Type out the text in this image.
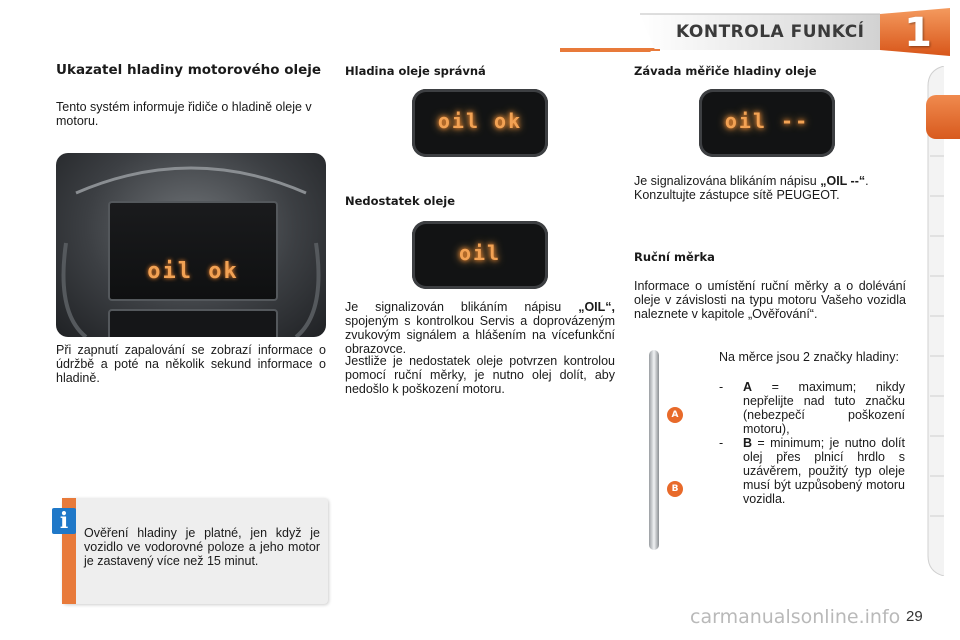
KONTROLA FUNKCÍ 1
Ukazatel hladiny motorového oleje

Tento systém informuje řidiče o hladině oleje v motoru.

oil ok

Při zapnutí zapalování se zobrazí informace o údržbě a poté na několik sekund informace o hladině.

i	Ověření hladiny je platné, jen když je vozidlo ve vodorovné poloze a jeho motor je zastavený více než 15 minut.

Hladina oleje správná
oil ok
Nedostatek oleje
oil

Je signalizován blikáním nápisu „OIL“, spojeným s kontrolkou Servis a doprovázeným zvukovým signálem a hlášením na vícefunkční obrazovce.

Jestliže je nedostatek oleje potvrzen kontrolou pomocí ruční měrky, je nutno olej dolít, aby nedošlo k poškození motoru.

Závada měřiče hladiny oleje
oil --

Je signalizována blikáním nápisu „OIL --“. Konzultujte zástupce sítě PEUGEOT.

Ruční měrka

Informace o umístění ruční měrky a o dolévání oleje v závislosti na typu motoru Vašeho vozidla naleznete v kapitole „Ověřování“.

A
B

Na měrce jsou 2 značky hladiny:

-	A = maximum; nikdy nepřelijte nad tuto značku (nebezpečí poškození motoru),

-	B = minimum; je nutno dolít olej přes plnicí hrdlo s uzávěrem, použitý typ oleje musí být uzpůsobený motoru vozidla.

carmanualsonline.info 29
